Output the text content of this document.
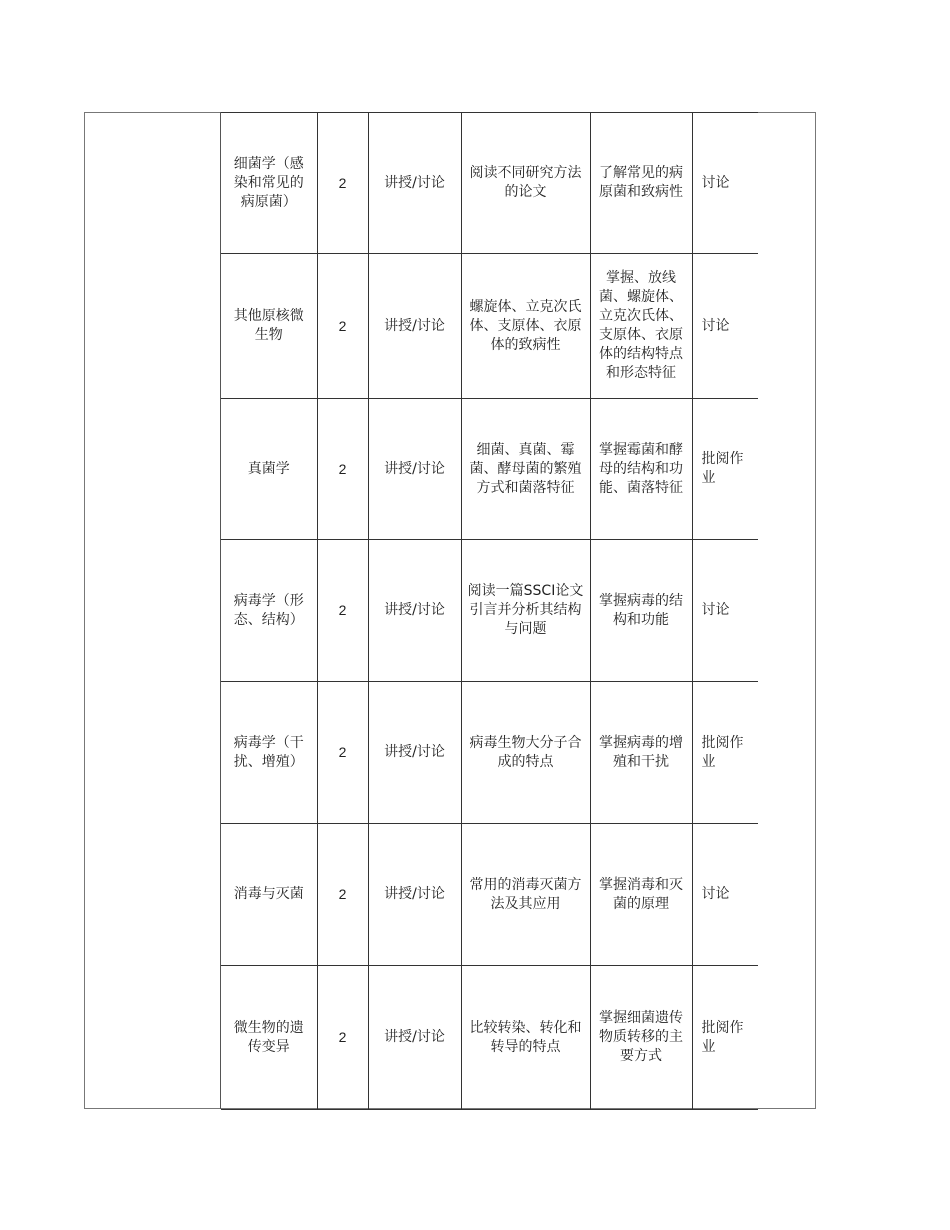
细菌学（感染和常见的病原菌）	2	讲授/讨论	阅读不同研究方法的论文	了解常见的病原菌和致病性	讨论
其他原核微生物	2	讲授/讨论	螺旋体、立克次氏体、支原体、衣原体的致病性	掌握、放线菌、螺旋体、立克次氏体、支原体、衣原体的结构特点和形态特征	讨论
真菌学	2	讲授/讨论	细菌、真菌、霉菌、酵母菌的繁殖方式和菌落特征	掌握霉菌和酵母的结构和功能、菌落特征	批阅作业
病毒学（形态、结构）	2	讲授/讨论	阅读一篇SSCI论文引言并分析其结构与问题	掌握病毒的结构和功能	讨论
病毒学（干扰、增殖）	2	讲授/讨论	病毒生物大分子合成的特点	掌握病毒的增殖和干扰	批阅作业
消毒与灭菌	2	讲授/讨论	常用的消毒灭菌方法及其应用	掌握消毒和灭菌的原理	讨论
微生物的遗传变异	2	讲授/讨论	比较转染、转化和转导的特点	掌握细菌遗传物质转移的主要方式	批阅作业
